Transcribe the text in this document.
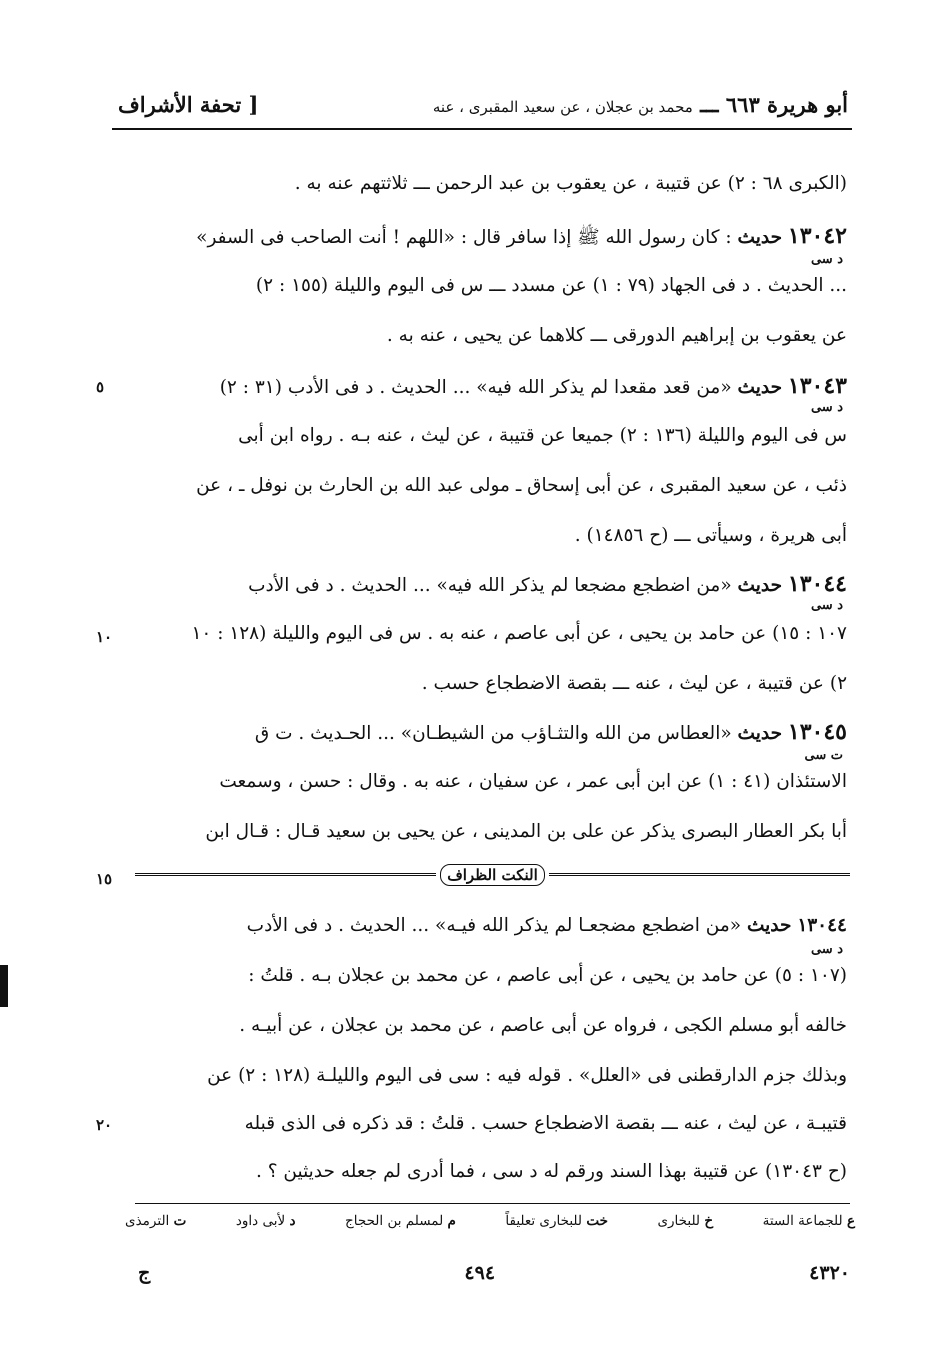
أبو هريرة ٦٦٣ ـــ محمد بن عجلان ، عن سعيد المقبرى ، عنه
[ تحفة الأشراف
(الكبرى ٦٨ : ٢) عن قتيبة ، عن يعقوب بن عبد الرحمن ـــ ثلاثتهم عنه به .
١٣٠٤٢ حديث : كان رسول الله ﷺ إذا سافر قال : «اللهم ! أنت الصاحب فى السفر»
د سى
... الحديث . د فى الجهاد (٧٩ : ١) عن مسدد ـــ س فى اليوم والليلة (١٥٥ : ٢)
عن يعقوب بن إبراهيم الدورقى ـــ كلاهما عن يحيى ، عنه به .
١٣٠٤٣ حديث «من قعد مقعدا لم يذكر الله فيه» ... الحديث . د فى الأدب (٣١ : ٢)
٥
د سى
س فى اليوم والليلة (١٣٦ : ٢) جميعا عن قتيبة ، عن ليث ، عنه بـه . رواه ابن أبى
ذئب ، عن سعيد المقبرى ، عن أبى إسحاق ـ مولى عبد الله بن الحارث بن نوفل ـ ، عن
أبى هريرة ، وسيأتى ـــ (ح ١٤٨٥٦) .
١٣٠٤٤ حديث «من اضطجع مضجعا لم يذكر الله فيه» ... الحديث . د فى الأدب
د سى
١٠٧ : ١٥) عن حامد بن يحيى ، عن أبى عاصم ، عنه به . س فى اليوم والليلة (١٢٨ : ١٠
٢) عن قتيبة ، عن ليث ، عنه ـــ بقصة الاضطجاع حسب .
١٣٠٤٥ حديث «العطاس من الله والتثـاؤب من الشيطـان» ... الحـديث . ت ق
ت سى
الاستئذان (٤١ : ١) عن ابن أبى عمر ، عن سفيان ، عنه به . وقال : حسن ، وسمعت
أبا بكر العطار البصرى يذكر عن على بن المدينى ، عن يحيى بن سعيد قـال : قـال ابن
النكت الظراف
١٥
١٣٠٤٤ حديث «من اضطجع مضجعـا لم يذكر الله فيـه» ... الحديث . د فى الأدب
د سى
(١٠٧ : ٥) عن حامد بن يحيى ، عن أبى عاصم ، عن محمد بن عجلان بـه . قلتُ :
خالفه أبو مسلم الكجى ، فرواه عن أبى عاصم ، عن محمد بن عجلان ، عن أبيـه .
وبذلك جزم الدارقطنى فى «العلل» . قوله فيه : سى فى اليوم والليلـة (١٢٨ : ٢) عن
قتيبـة ، عن ليث ، عنه ـــ بقصة الاضطجاع حسب . قلتُ : قد ذكره فى الذى قبله
٢٠
(ح ١٣٠٤٣) عن قتيبة بهذا السند ورقم له د سى ، فما أدرى لم جعله حديثين ؟ .
١٠
ع للجماعة الستة
خ للبخارى
خت للبخارى تعليقاً
م لمسلم بن الحجاج
د لأبى داود
ت الترمذى
٤٣٢٠
٤٩٤
ج
